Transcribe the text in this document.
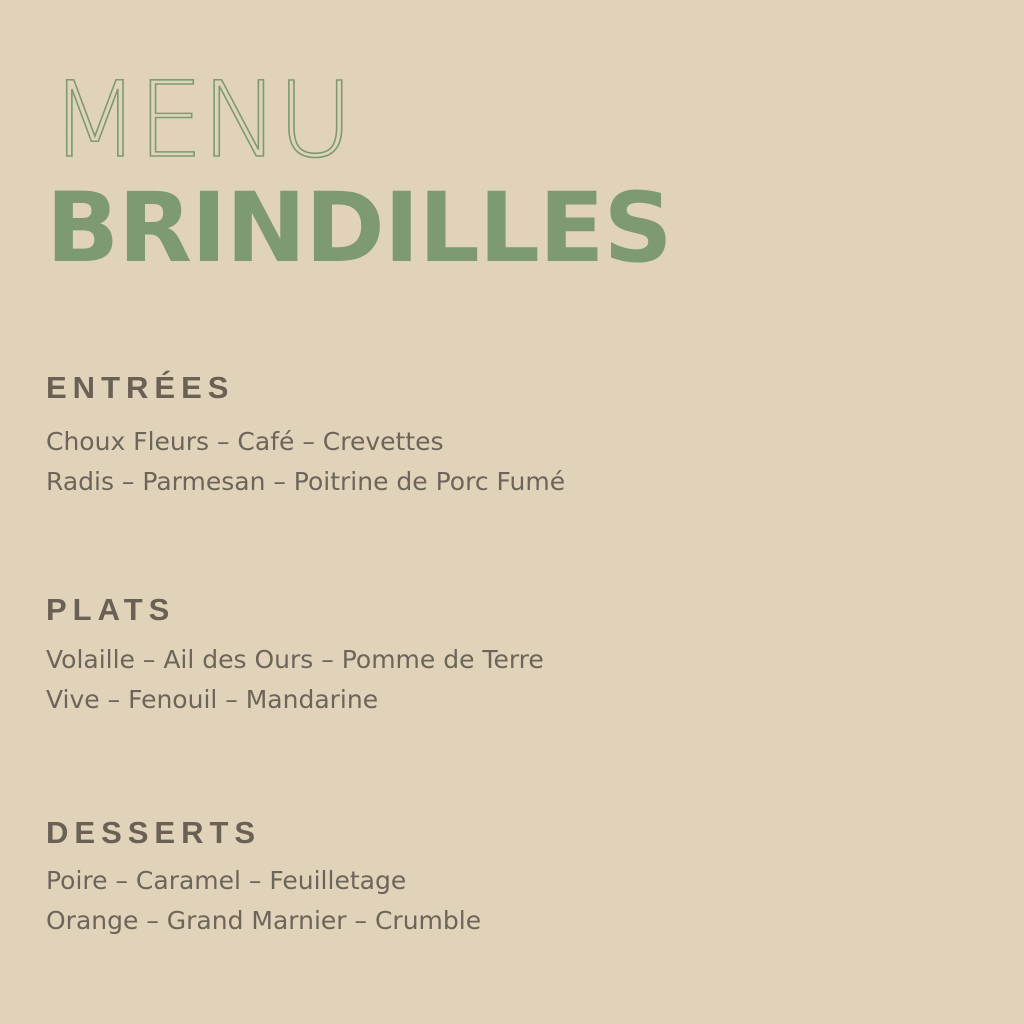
MENU
BRINDILLES
ENTRÉES

Choux Fleurs – Café – Crevettes

Radis – Parmesan – Poitrine de Porc Fumé

PLATS

Volaille – Ail des Ours – Pomme de Terre

Vive – Fenouil – Mandarine

DESSERTS

Poire – Caramel – Feuilletage

Orange – Grand Marnier – Crumble
